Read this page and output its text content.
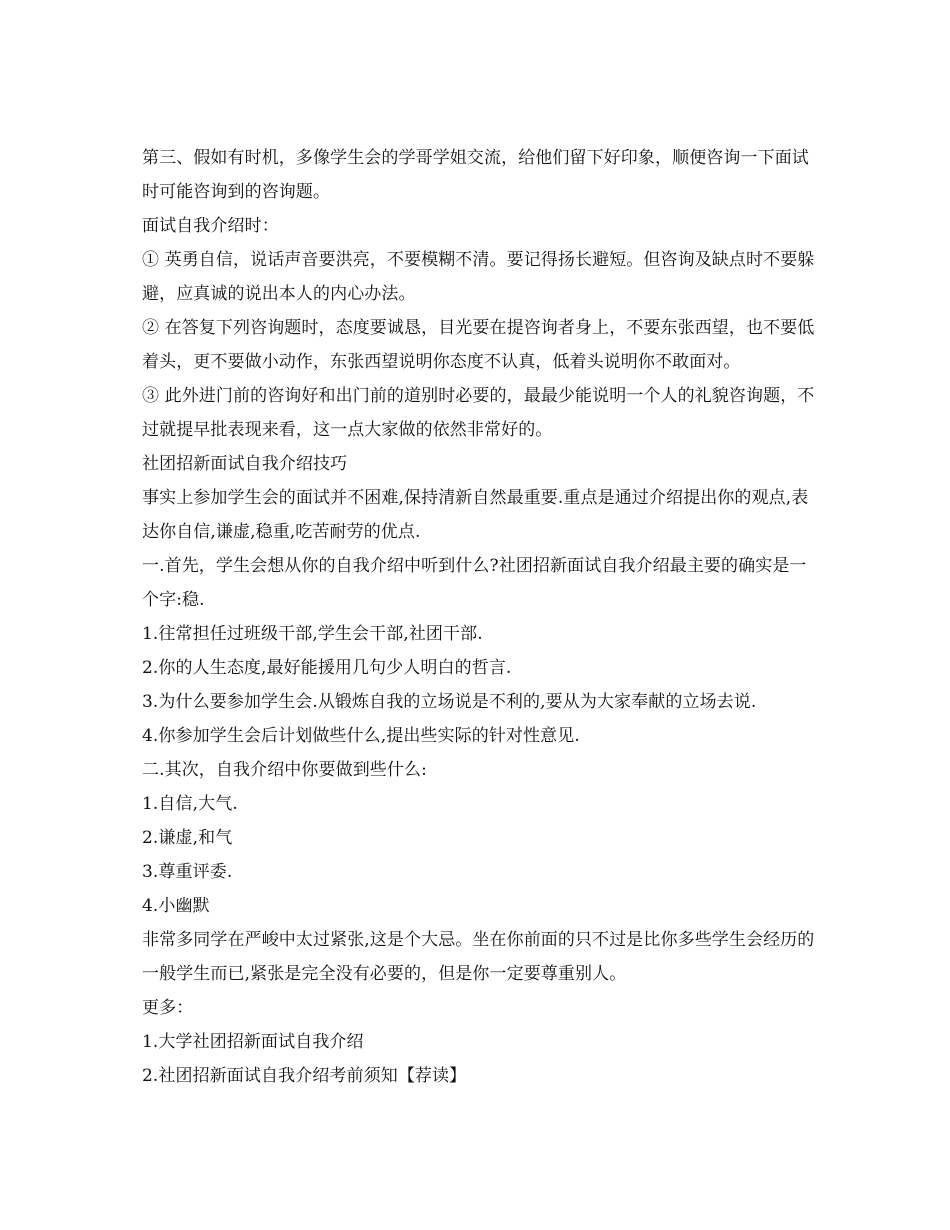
第三、假如有时机，多像学生会的学哥学姐交流，给他们留下好印象，顺便咨询一下面试时可能咨询到的咨询题。

面试自我介绍时：

① 英勇自信，说话声音要洪亮，不要模糊不清。要记得扬长避短。但咨询及缺点时不要躲避，应真诚的说出本人的内心办法。

② 在答复下列咨询题时，态度要诚恳，目光要在提咨询者身上，不要东张西望，也不要低着头，更不要做小动作，东张西望说明你态度不认真，低着头说明你不敢面对。

③ 此外进门前的咨询好和出门前的道别时必要的，最最少能说明一个人的礼貌咨询题，不过就提早批表现来看，这一点大家做的依然非常好的。

社团招新面试自我介绍技巧

事实上参加学生会的面试并不困难,保持清新自然最重要.重点是通过介绍提出你的观点,表达你自信,谦虚,稳重,吃苦耐劳的优点.

一.首先，学生会想从你的自我介绍中听到什么?社团招新面试自我介绍最主要的确实是一个字:稳.

1.往常担任过班级干部,学生会干部,社团干部.

2.你的人生态度,最好能援用几句少人明白的哲言.

3.为什么要参加学生会.从锻炼自我的立场说是不利的,要从为大家奉献的立场去说.

4.你参加学生会后计划做些什么,提出些实际的针对性意见.

二.其次，自我介绍中你要做到些什么:

1.自信,大气.

2.谦虚,和气

3.尊重评委.

4.小幽默

非常多同学在严峻中太过紧张,这是个大忌。坐在你前面的只不过是比你多些学生会经历的一般学生而已,紧张是完全没有必要的，但是你一定要尊重别人。

更多：

1.大学社团招新面试自我介绍

2.社团招新面试自我介绍考前须知【荐读】
